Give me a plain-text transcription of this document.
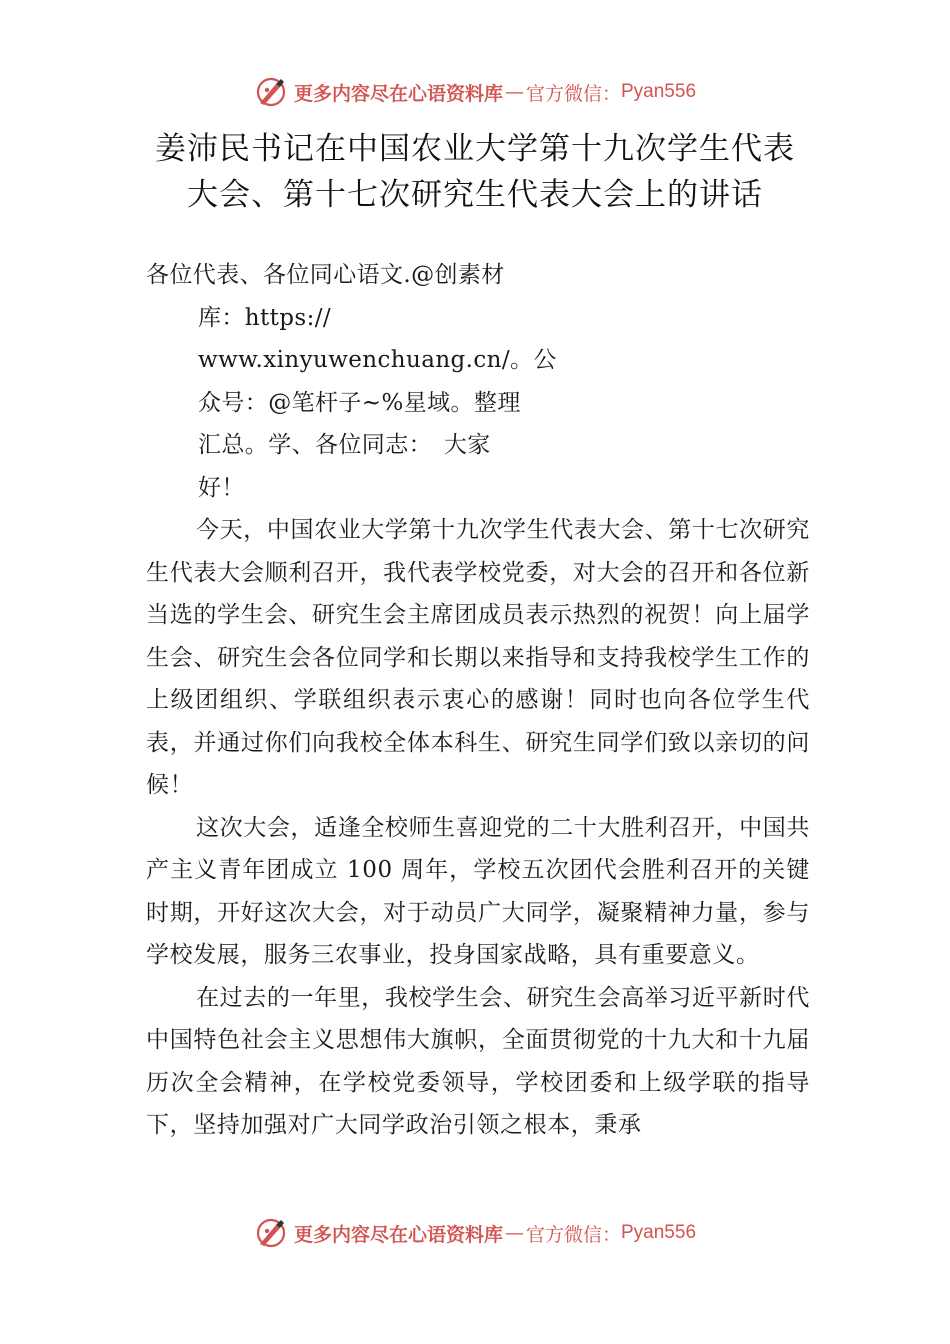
更多内容尽在心语资料库 — 官方微信： Pyan556
姜沛民书记在中国农业大学第十九次学生代表
大会、第十七次研究生代表大会上的讲话
各位代表、各位同心语文.@创素材
库：https://
www.xinyuwenchuang.cn/。公
众号：@笔杆子~%星域。整理
汇总。学、各位同志：　大家
好！
今天，中国农业大学第十九次学生代表大会、第十七次研究生代表大会顺利召开，我代表学校党委，对大会的召开和各位新当选的学生会、研究生会主席团成员表示热烈的祝贺！向上届学生会、研究生会各位同学和长期以来指导和支持我校学生工作的上级团组织、学联组织表示衷心的感谢！同时也向各位学生代表，并通过你们向我校全体本科生、研究生同学们致以亲切的问候！
这次大会，适逢全校师生喜迎党的二十大胜利召开，中国共产主义青年团成立 100 周年，学校五次团代会胜利召开的关键时期，开好这次大会，对于动员广大同学，凝聚精神力量，参与学校发展，服务三农事业，投身国家战略，具有重要意义。
在过去的一年里，我校学生会、研究生会高举习近平新时代中国特色社会主义思想伟大旗帜，全面贯彻党的十九大和十九届历次全会精神，在学校党委领导，学校团委和上级学联的指导下，坚持加强对广大同学政治引领之根本，秉承
更多内容尽在心语资料库 — 官方微信： Pyan556
